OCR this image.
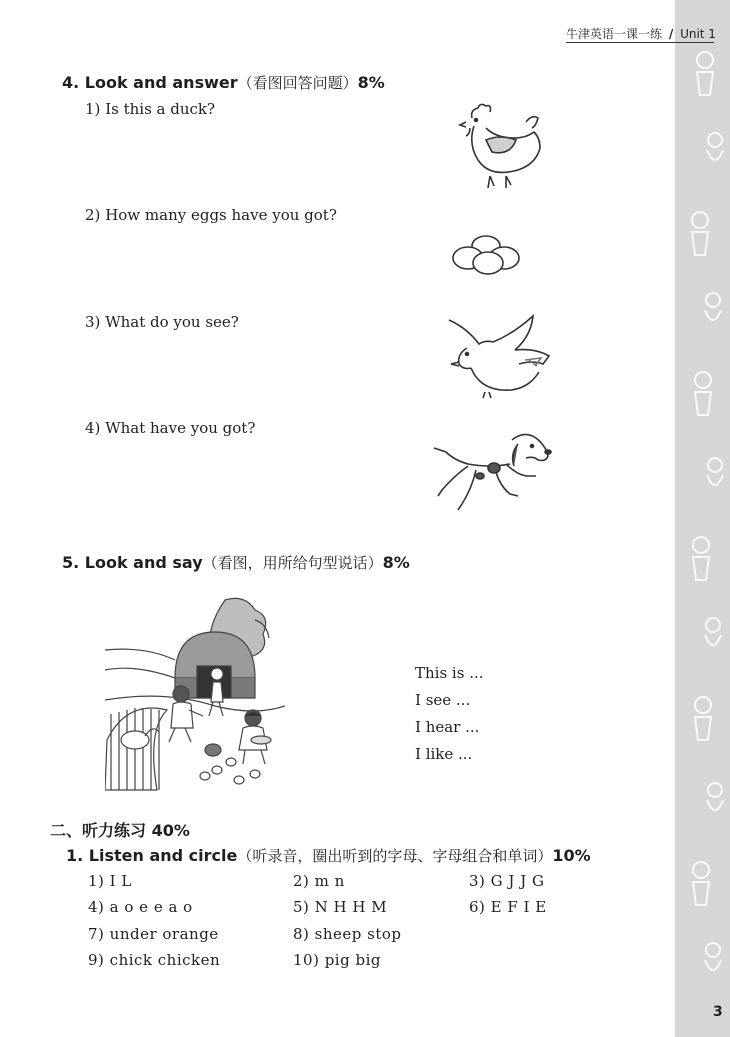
牛津英语一课一练 / Unit 1
4. Look and answer（看图回答问题）8%
1) Is this a duck?
2) How many eggs have you got?
3) What do you see?
4) What have you got?
5. Look and say（看图，用所给句型说话）8%
This is ...
I see ...
I hear ...
I like ...
二、听力练习 40%
1. Listen and circle（听录音，圈出听到的字母、字母组合和单词）10%
1) I L	2) m n	3) G J J G
4) a o e e a o	5) N H H M	6) E F I E
7) under orange	8) sheep stop
9) chick chicken	10) pig big
3
